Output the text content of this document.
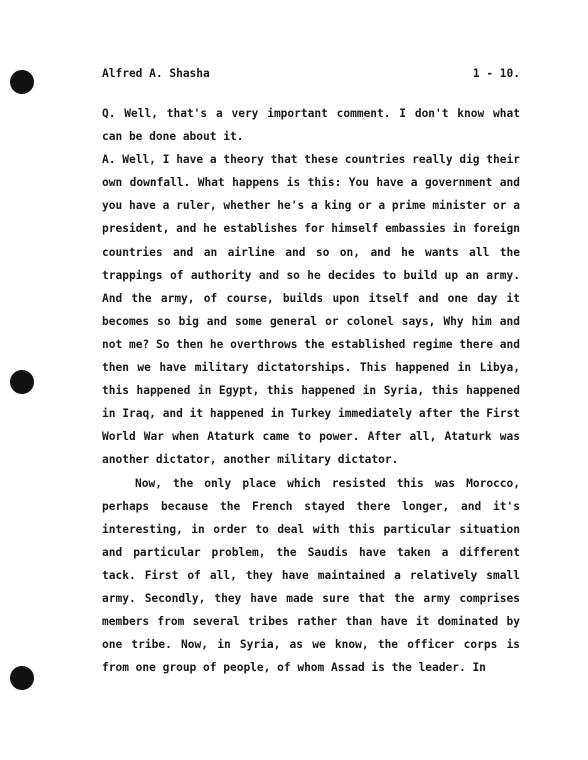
Alfred A. Shasha	1 - 10.

Q. Well, that's a very important comment. I don't know what can be done about it.

A. Well, I have a theory that these countries really dig their own downfall. What happens is this: You have a government and you have a ruler, whether he's a king or a prime minister or a president, and he establishes for himself embassies in foreign countries and an airline and so on, and he wants all the trappings of authority and so he decides to build up an army. And the army, of course, builds upon itself and one day it becomes so big and some general or colonel says, Why him and not me? So then he overthrows the established regime there and then we have military dictatorships. This happened in Libya, this happened in Egypt, this happened in Syria, this happened in Iraq, and it happened in Turkey immediately after the First World War when Ataturk came to power. After all, Ataturk was another dictator, another military dictator.

Now, the only place which resisted this was Morocco, perhaps because the French stayed there longer, and it's interesting, in order to deal with this particular situation and particular problem, the Saudis have taken a different tack. First of all, they have maintained a relatively small army. Secondly, they have made sure that the army comprises members from several tribes rather than have it dominated by one tribe. Now, in Syria, as we know, the officer corps is from one group of people, of whom Assad is the leader. In
